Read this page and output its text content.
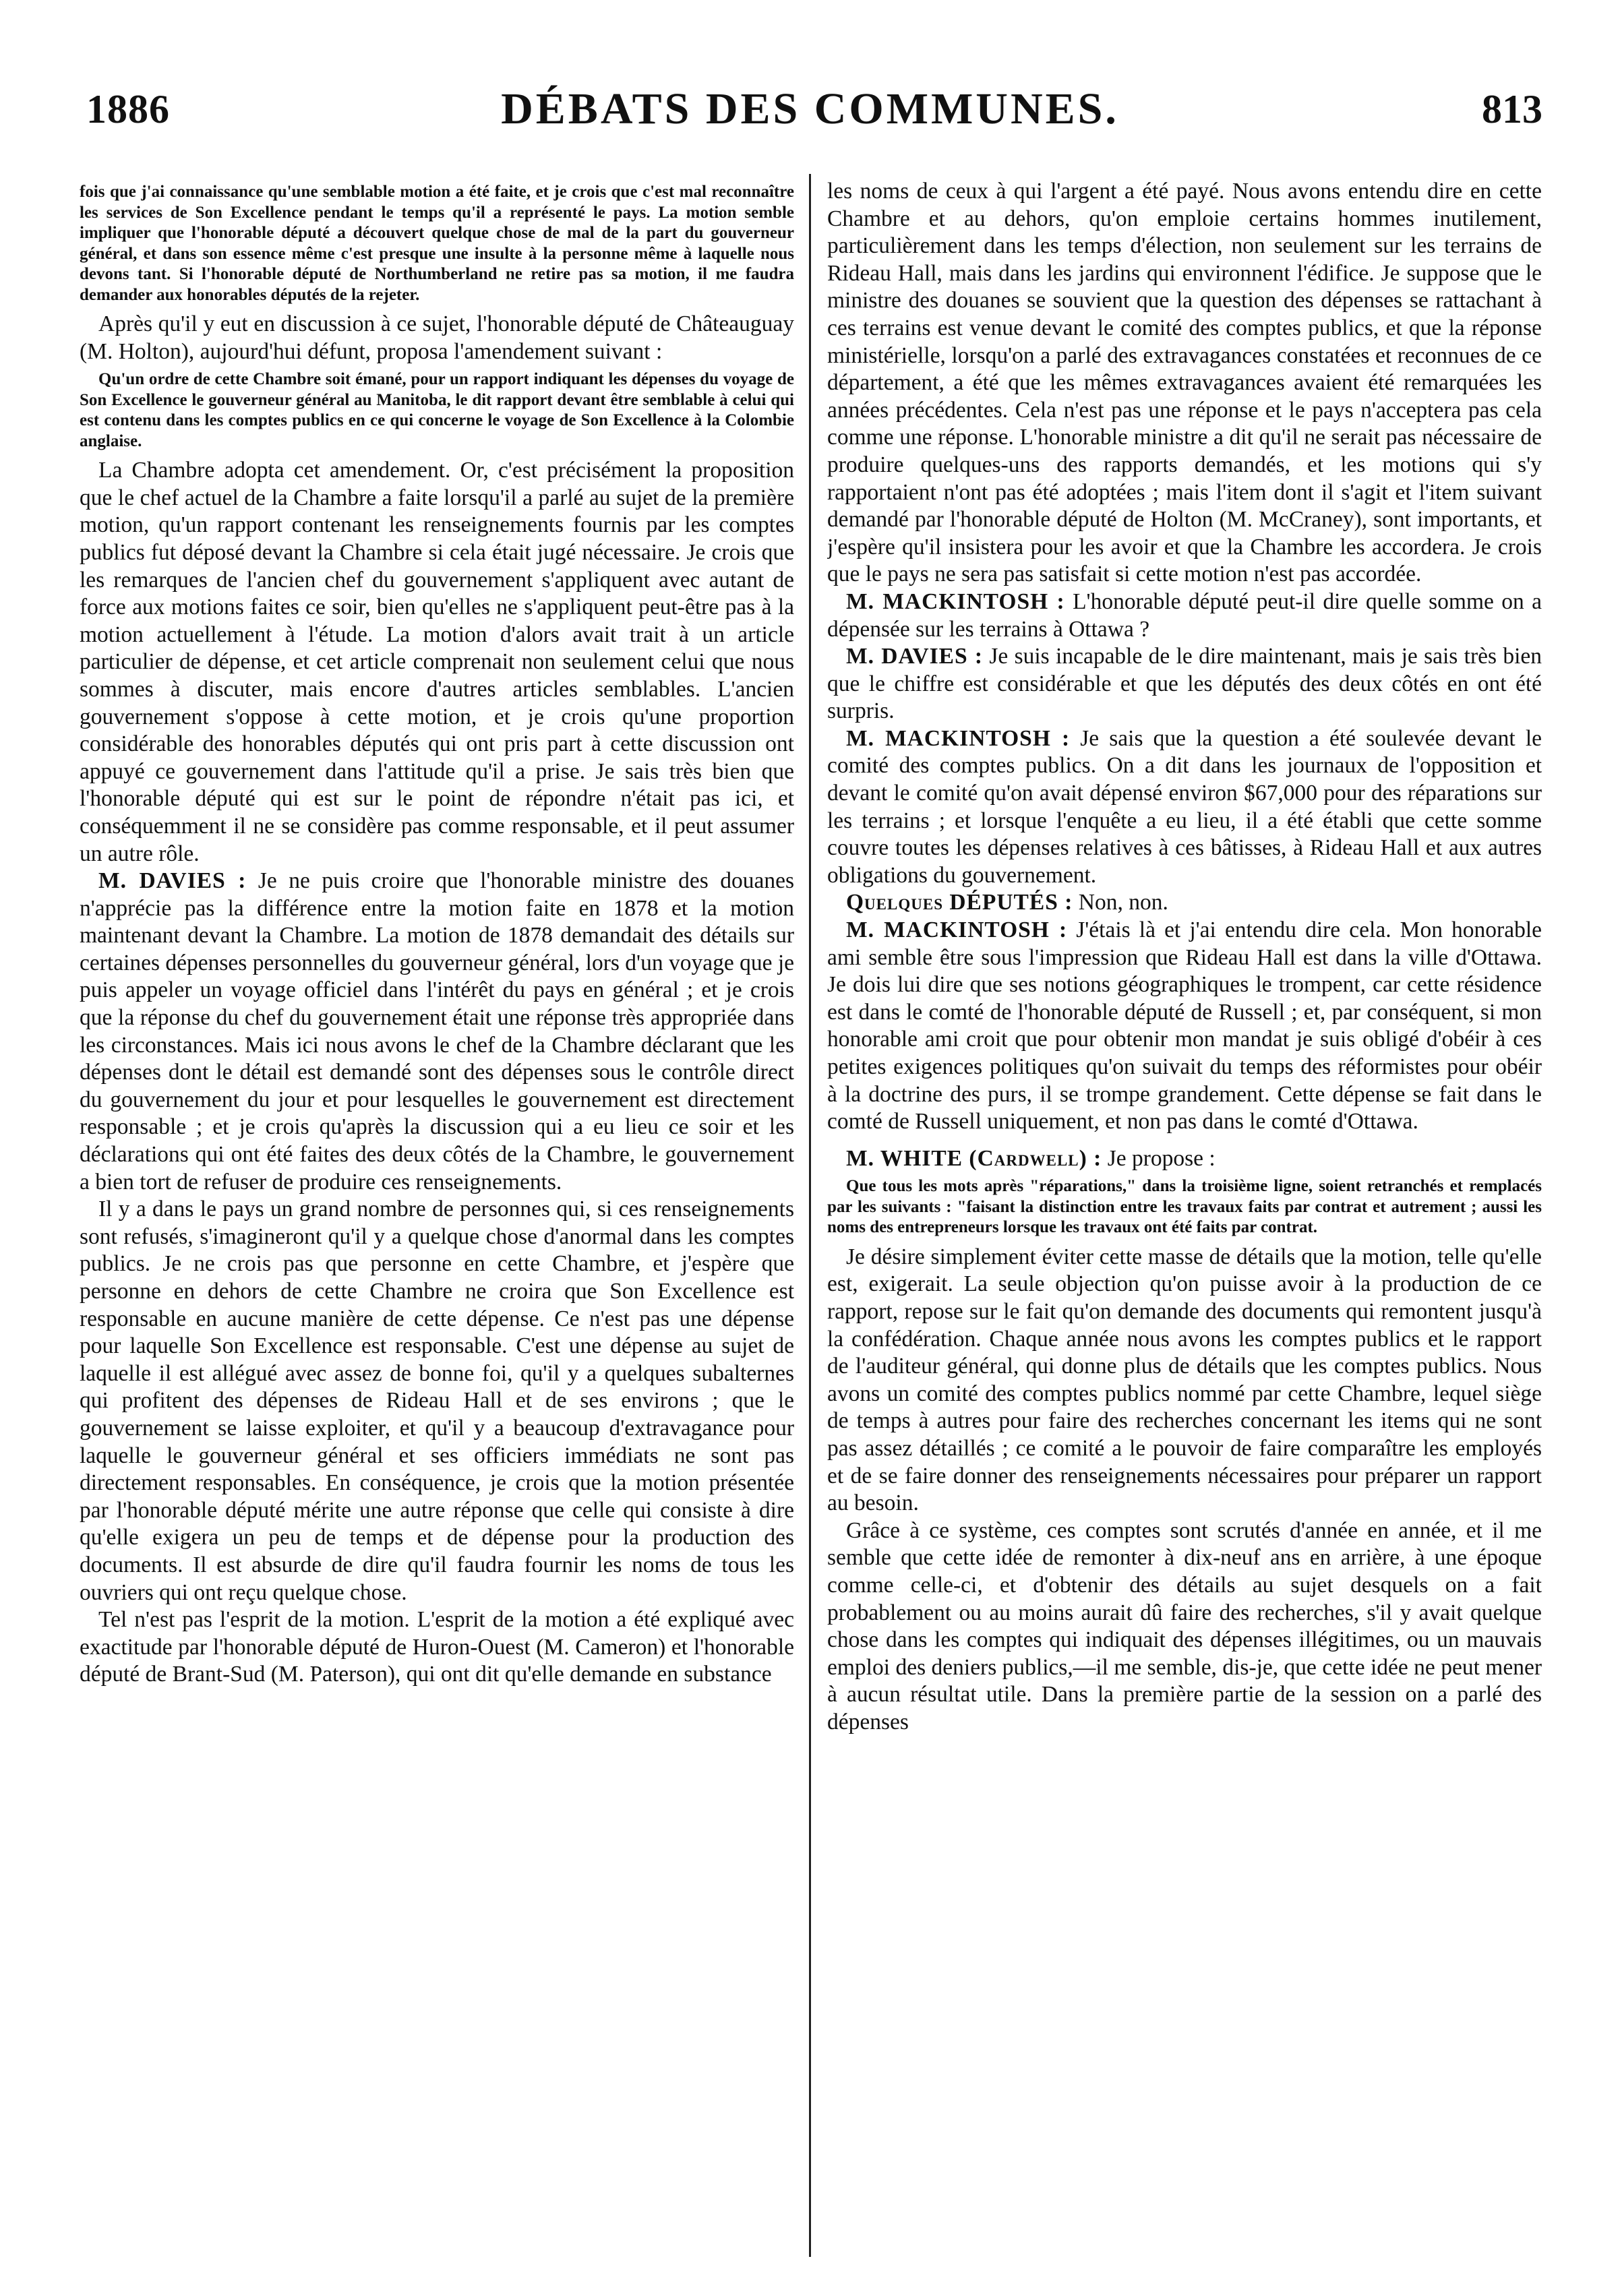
1886	DÉBATS DES COMMUNES.	813

fois que j'ai connaissance qu'une semblable motion a été faite, et je crois que c'est mal reconnaître les services de Son Excellence pendant le temps qu'il a représenté le pays. La motion semble impliquer que l'honorable député a découvert quelque chose de mal de la part du gouverneur général, et dans son essence même c'est presque une insulte à la personne même à laquelle nous devons tant. Si l'honorable député de Northumberland ne retire pas sa motion, il me faudra demander aux honorables députés de la rejeter.

Après qu'il y eut en discussion à ce sujet, l'honorable député de Châteauguay (M. Holton), aujourd'hui défunt, proposa l'amendement suivant :

Qu'un ordre de cette Chambre soit émané, pour un rapport indiquant les dépenses du voyage de Son Excellence le gouverneur général au Manitoba, le dit rapport devant être semblable à celui qui est contenu dans les comptes publics en ce qui concerne le voyage de Son Excellence à la Colombie anglaise.

La Chambre adopta cet amendement. Or, c'est précisément la proposition que le chef actuel de la Chambre a faite lorsqu'il a parlé au sujet de la première motion, qu'un rapport contenant les renseignements fournis par les comptes publics fut déposé devant la Chambre si cela était jugé nécessaire. Je crois que les remarques de l'ancien chef du gouvernement s'appliquent avec autant de force aux motions faites ce soir, bien qu'elles ne s'appliquent peut-être pas à la motion actuellement à l'étude. La motion d'alors avait trait à un article particulier de dépense, et cet article comprenait non seulement celui que nous sommes à discuter, mais encore d'autres articles semblables. L'ancien gouvernement s'oppose à cette motion, et je crois qu'une proportion considérable des honorables députés qui ont pris part à cette discussion ont appuyé ce gouvernement dans l'attitude qu'il a prise. Je sais très bien que l'honorable député qui est sur le point de répondre n'était pas ici, et conséquemment il ne se considère pas comme responsable, et il peut assumer un autre rôle.

M. DAVIES : Je ne puis croire que l'honorable ministre des douanes n'apprécie pas la différence entre la motion faite en 1878 et la motion maintenant devant la Chambre. La motion de 1878 demandait des détails sur certaines dépenses personnelles du gouverneur général, lors d'un voyage que je puis appeler un voyage officiel dans l'intérêt du pays en général ; et je crois que la réponse du chef du gouvernement était une réponse très appropriée dans les circonstances. Mais ici nous avons le chef de la Chambre déclarant que les dépenses dont le détail est demandé sont des dépenses sous le contrôle direct du gouvernement du jour et pour lesquelles le gouvernement est directement responsable ; et je crois qu'après la discussion qui a eu lieu ce soir et les déclarations qui ont été faites des deux côtés de la Chambre, le gouvernement a bien tort de refuser de produire ces renseignements.

Il y a dans le pays un grand nombre de personnes qui, si ces renseignements sont refusés, s'imagineront qu'il y a quelque chose d'anormal dans les comptes publics. Je ne crois pas que personne en cette Chambre, et j'espère que personne en dehors de cette Chambre ne croira que Son Excellence est responsable en aucune manière de cette dépense. Ce n'est pas une dépense pour laquelle Son Excellence est responsable. C'est une dépense au sujet de laquelle il est allégué avec assez de bonne foi, qu'il y a quelques subalternes qui profitent des dépenses de Rideau Hall et de ses environs ; que le gouvernement se laisse exploiter, et qu'il y a beaucoup d'extravagance pour laquelle le gouverneur général et ses officiers immédiats ne sont pas directement responsables. En conséquence, je crois que la motion présentée par l'honorable député mérite une autre réponse que celle qui consiste à dire qu'elle exigera un peu de temps et de dépense pour la production des documents. Il est absurde de dire qu'il faudra fournir les noms de tous les ouvriers qui ont reçu quelque chose.

Tel n'est pas l'esprit de la motion. L'esprit de la motion a été expliqué avec exactitude par l'honorable député de Huron-Ouest (M. Cameron) et l'honorable député de Brant-Sud (M. Paterson), qui ont dit qu'elle demande en substance

les noms de ceux à qui l'argent a été payé. Nous avons entendu dire en cette Chambre et au dehors, qu'on emploie certains hommes inutilement, particulièrement dans les temps d'élection, non seulement sur les terrains de Rideau Hall, mais dans les jardins qui environnent l'édifice. Je suppose que le ministre des douanes se souvient que la question des dépenses se rattachant à ces terrains est venue devant le comité des comptes publics, et que la réponse ministérielle, lorsqu'on a parlé des extravagances constatées et reconnues de ce département, a été que les mêmes extravagances avaient été remarquées les années précédentes. Cela n'est pas une réponse et le pays n'acceptera pas cela comme une réponse. L'honorable ministre a dit qu'il ne serait pas nécessaire de produire quelques-uns des rapports demandés, et les motions qui s'y rapportaient n'ont pas été adoptées ; mais l'item dont il s'agit et l'item suivant demandé par l'honorable député de Holton (M. McCraney), sont importants, et j'espère qu'il insistera pour les avoir et que la Chambre les accordera. Je crois que le pays ne sera pas satisfait si cette motion n'est pas accordée.

M. MACKINTOSH : L'honorable député peut-il dire quelle somme on a dépensée sur les terrains à Ottawa ?

M. DAVIES : Je suis incapable de le dire maintenant, mais je sais très bien que le chiffre est considérable et que les députés des deux côtés en ont été surpris.

M. MACKINTOSH : Je sais que la question a été soulevée devant le comité des comptes publics. On a dit dans les journaux de l'opposition et devant le comité qu'on avait dépensé environ $67,000 pour des réparations sur les terrains ; et lorsque l'enquête a eu lieu, il a été établi que cette somme couvre toutes les dépenses relatives à ces bâtisses, à Rideau Hall et aux autres obligations du gouvernement.

Quelques DÉPUTÉS : Non, non.

M. MACKINTOSH : J'étais là et j'ai entendu dire cela. Mon honorable ami semble être sous l'impression que Rideau Hall est dans la ville d'Ottawa. Je dois lui dire que ses notions géographiques le trompent, car cette résidence est dans le comté de l'honorable député de Russell ; et, par conséquent, si mon honorable ami croit que pour obtenir mon mandat je suis obligé d'obéir à ces petites exigences politiques qu'on suivait du temps des réformistes pour obéir à la doctrine des purs, il se trompe grandement. Cette dépense se fait dans le comté de Russell uniquement, et non pas dans le comté d'Ottawa.

M. WHITE (Cardwell) : Je propose :

Que tous les mots après "réparations," dans la troisième ligne, soient retranchés et remplacés par les suivants : "faisant la distinction entre les travaux faits par contrat et autrement ; aussi les noms des entrepreneurs lorsque les travaux ont été faits par contrat.

Je désire simplement éviter cette masse de détails que la motion, telle qu'elle est, exigerait. La seule objection qu'on puisse avoir à la production de ce rapport, repose sur le fait qu'on demande des documents qui remontent jusqu'à la confédération. Chaque année nous avons les comptes publics et le rapport de l'auditeur général, qui donne plus de détails que les comptes publics. Nous avons un comité des comptes publics nommé par cette Chambre, lequel siège de temps à autres pour faire des recherches concernant les items qui ne sont pas assez détaillés ; ce comité a le pouvoir de faire comparaître les employés et de se faire donner des renseignements nécessaires pour préparer un rapport au besoin.

Grâce à ce système, ces comptes sont scrutés d'année en année, et il me semble que cette idée de remonter à dix-neuf ans en arrière, à une époque comme celle-ci, et d'obtenir des détails au sujet desquels on a fait probablement ou au moins aurait dû faire des recherches, s'il y avait quelque chose dans les comptes qui indiquait des dépenses illégitimes, ou un mauvais emploi des deniers publics,—il me semble, dis-je, que cette idée ne peut mener à aucun résultat utile. Dans la première partie de la session on a parlé des dépenses
